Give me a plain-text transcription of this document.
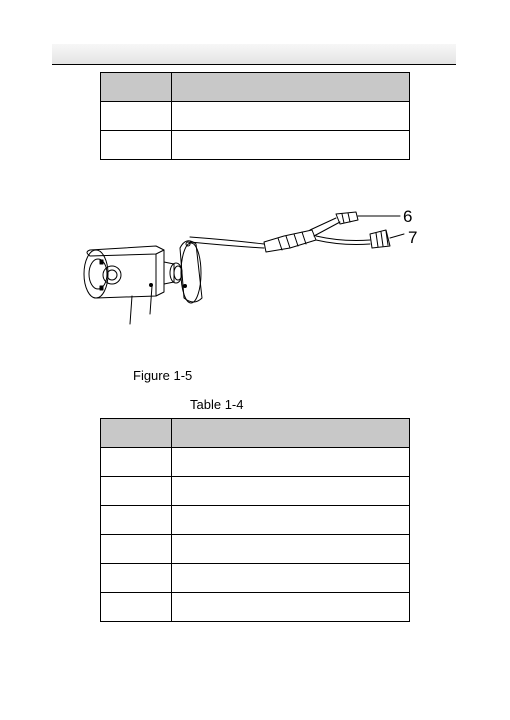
6
7
Figure 1-5
Table 1-4
